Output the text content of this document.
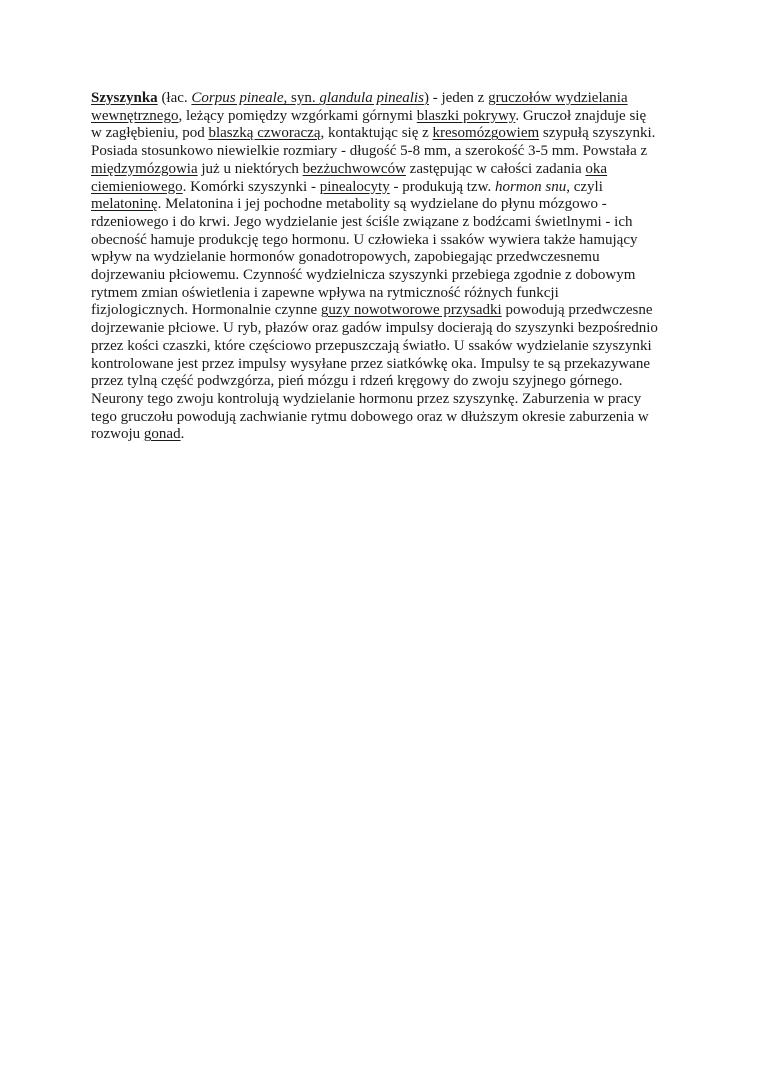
Szyszynka (łac. Corpus pineale, syn. glandula pinealis) - jeden z gruczołów wydzielania
wewnętrznego, leżący pomiędzy wzgórkami górnymi blaszki pokrywy. Gruczoł znajduje się
w zagłębieniu, pod blaszką czworaczą, kontaktując się z kresomózgowiem szypułą szyszynki.
Posiada stosunkowo niewielkie rozmiary - długość 5-8 mm, a szerokość 3-5 mm. Powstała z
międzymózgowia już u niektórych bezżuchwowców zastępując w całości zadania oka
ciemieniowego. Komórki szyszynki - pinealocyty - produkują tzw. hormon snu, czyli
melatoninę. Melatonina i jej pochodne metabolity są wydzielane do płynu mózgowo -
rdzeniowego i do krwi. Jego wydzielanie jest ściśle związane z bodźcami świetlnymi - ich
obecność hamuje produkcję tego hormonu. U człowieka i ssaków wywiera także hamujący
wpływ na wydzielanie hormonów gonadotropowych, zapobiegając przedwczesnemu
dojrzewaniu płciowemu. Czynność wydzielnicza szyszynki przebiega zgodnie z dobowym
rytmem zmian oświetlenia i zapewne wpływa na rytmiczność różnych funkcji
fizjologicznych. Hormonalnie czynne guzy nowotworowe przysadki powodują przedwczesne
dojrzewanie płciowe. U ryb, płazów oraz gadów impulsy docierają do szyszynki bezpośrednio
przez kości czaszki, które częściowo przepuszczają światło. U ssaków wydzielanie szyszynki
kontrolowane jest przez impulsy wysyłane przez siatkówkę oka. Impulsy te są przekazywane
przez tylną część podwzgórza, pień mózgu i rdzeń kręgowy do zwoju szyjnego górnego.
Neurony tego zwoju kontrolują wydzielanie hormonu przez szyszynkę. Zaburzenia w pracy
tego gruczołu powodują zachwianie rytmu dobowego oraz w dłuższym okresie zaburzenia w
rozwoju gonad.
